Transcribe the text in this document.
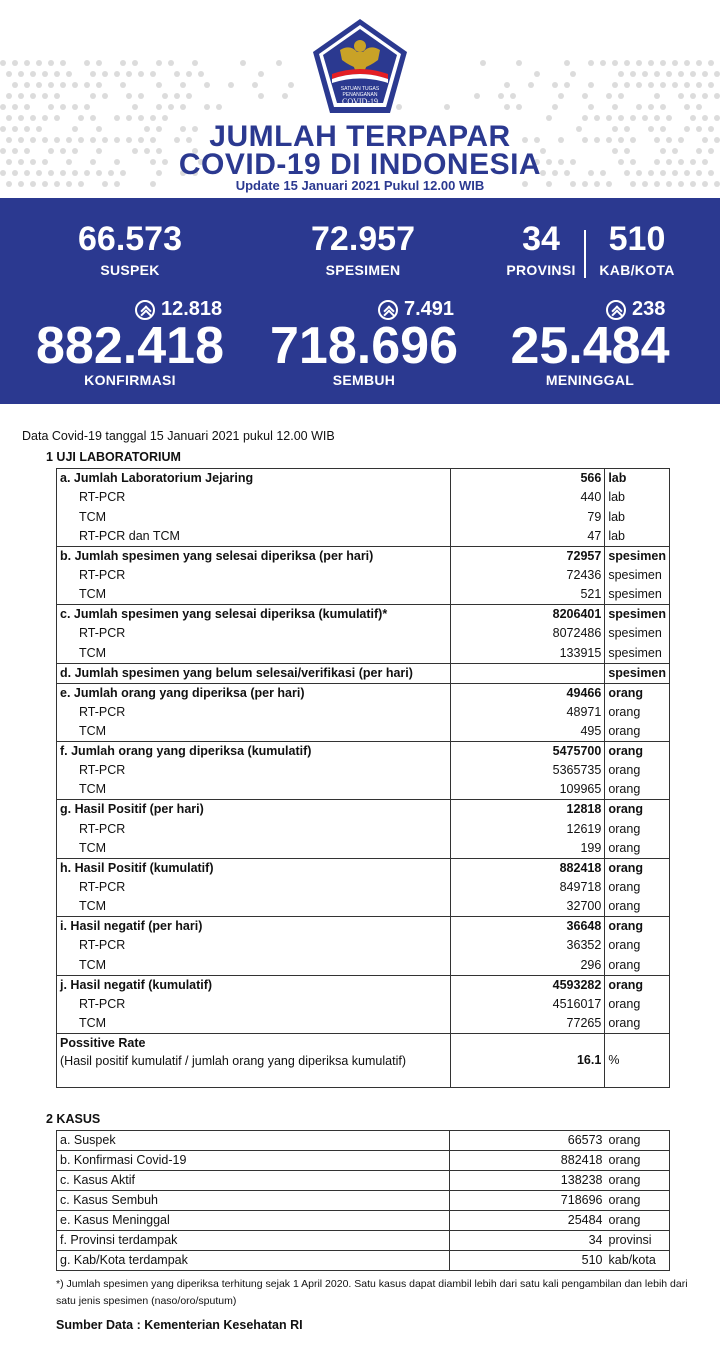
SATUAN TUGAS
PENANGANAN
COVID-19
JUMLAH TERPAPAR
COVID-19 DI INDONESIA
Update 15 Januari 2021 Pukul 12.00 WIB
66.573
SUSPEK
72.957
SPESIMEN
34
PROVINSI
510
KAB/KOTA
12.818
882.418
KONFIRMASI
7.491
718.696
SEMBUH
238
25.484
MENINGGAL
Data Covid-19 tanggal 15 Januari 2021 pukul 12.00 WIB
1 UJI LABORATORIUM
a. Jumlah Laboratorium Jejaring	566	lab
RT-PCR	440	lab
TCM	79	lab
RT-PCR dan TCM	47	lab
b. Jumlah spesimen yang selesai diperiksa (per hari)	72957	spesimen
RT-PCR	72436	spesimen
TCM	521	spesimen
c. Jumlah spesimen yang selesai diperiksa (kumulatif)*	8206401	spesimen
RT-PCR	8072486	spesimen
TCM	133915	spesimen
d. Jumlah spesimen yang belum selesai/verifikasi (per hari)		spesimen
e. Jumlah orang yang diperiksa (per hari)	49466	orang
RT-PCR	48971	orang
TCM	495	orang
f. Jumlah orang yang diperiksa (kumulatif)	5475700	orang
RT-PCR	5365735	orang
TCM	109965	orang
g. Hasil Positif (per hari)	12818	orang
RT-PCR	12619	orang
TCM	199	orang
h. Hasil Positif (kumulatif)	882418	orang
RT-PCR	849718	orang
TCM	32700	orang
i. Hasil negatif (per hari)	36648	orang
RT-PCR	36352	orang
TCM	296	orang
j. Hasil negatif (kumulatif)	4593282	orang
RT-PCR	4516017	orang
TCM	77265	orang
Possitive Rate
(Hasil positif kumulatif / jumlah orang yang diperiksa kumulatif)	16.1	%
2 KASUS
a. Suspek	66573	orang
b. Konfirmasi Covid-19	882418	orang
c. Kasus Aktif	138238	orang
c. Kasus Sembuh	718696	orang
e. Kasus Meninggal	25484	orang
f. Provinsi terdampak	34	provinsi
g. Kab/Kota terdampak	510	kab/kota
*) Jumlah spesimen yang diperiksa terhitung sejak 1 April 2020. Satu kasus dapat diambil lebih dari satu kali pengambilan dan lebih dari satu jenis spesimen (naso/oro/sputum)
Sumber Data : Kementerian Kesehatan RI
